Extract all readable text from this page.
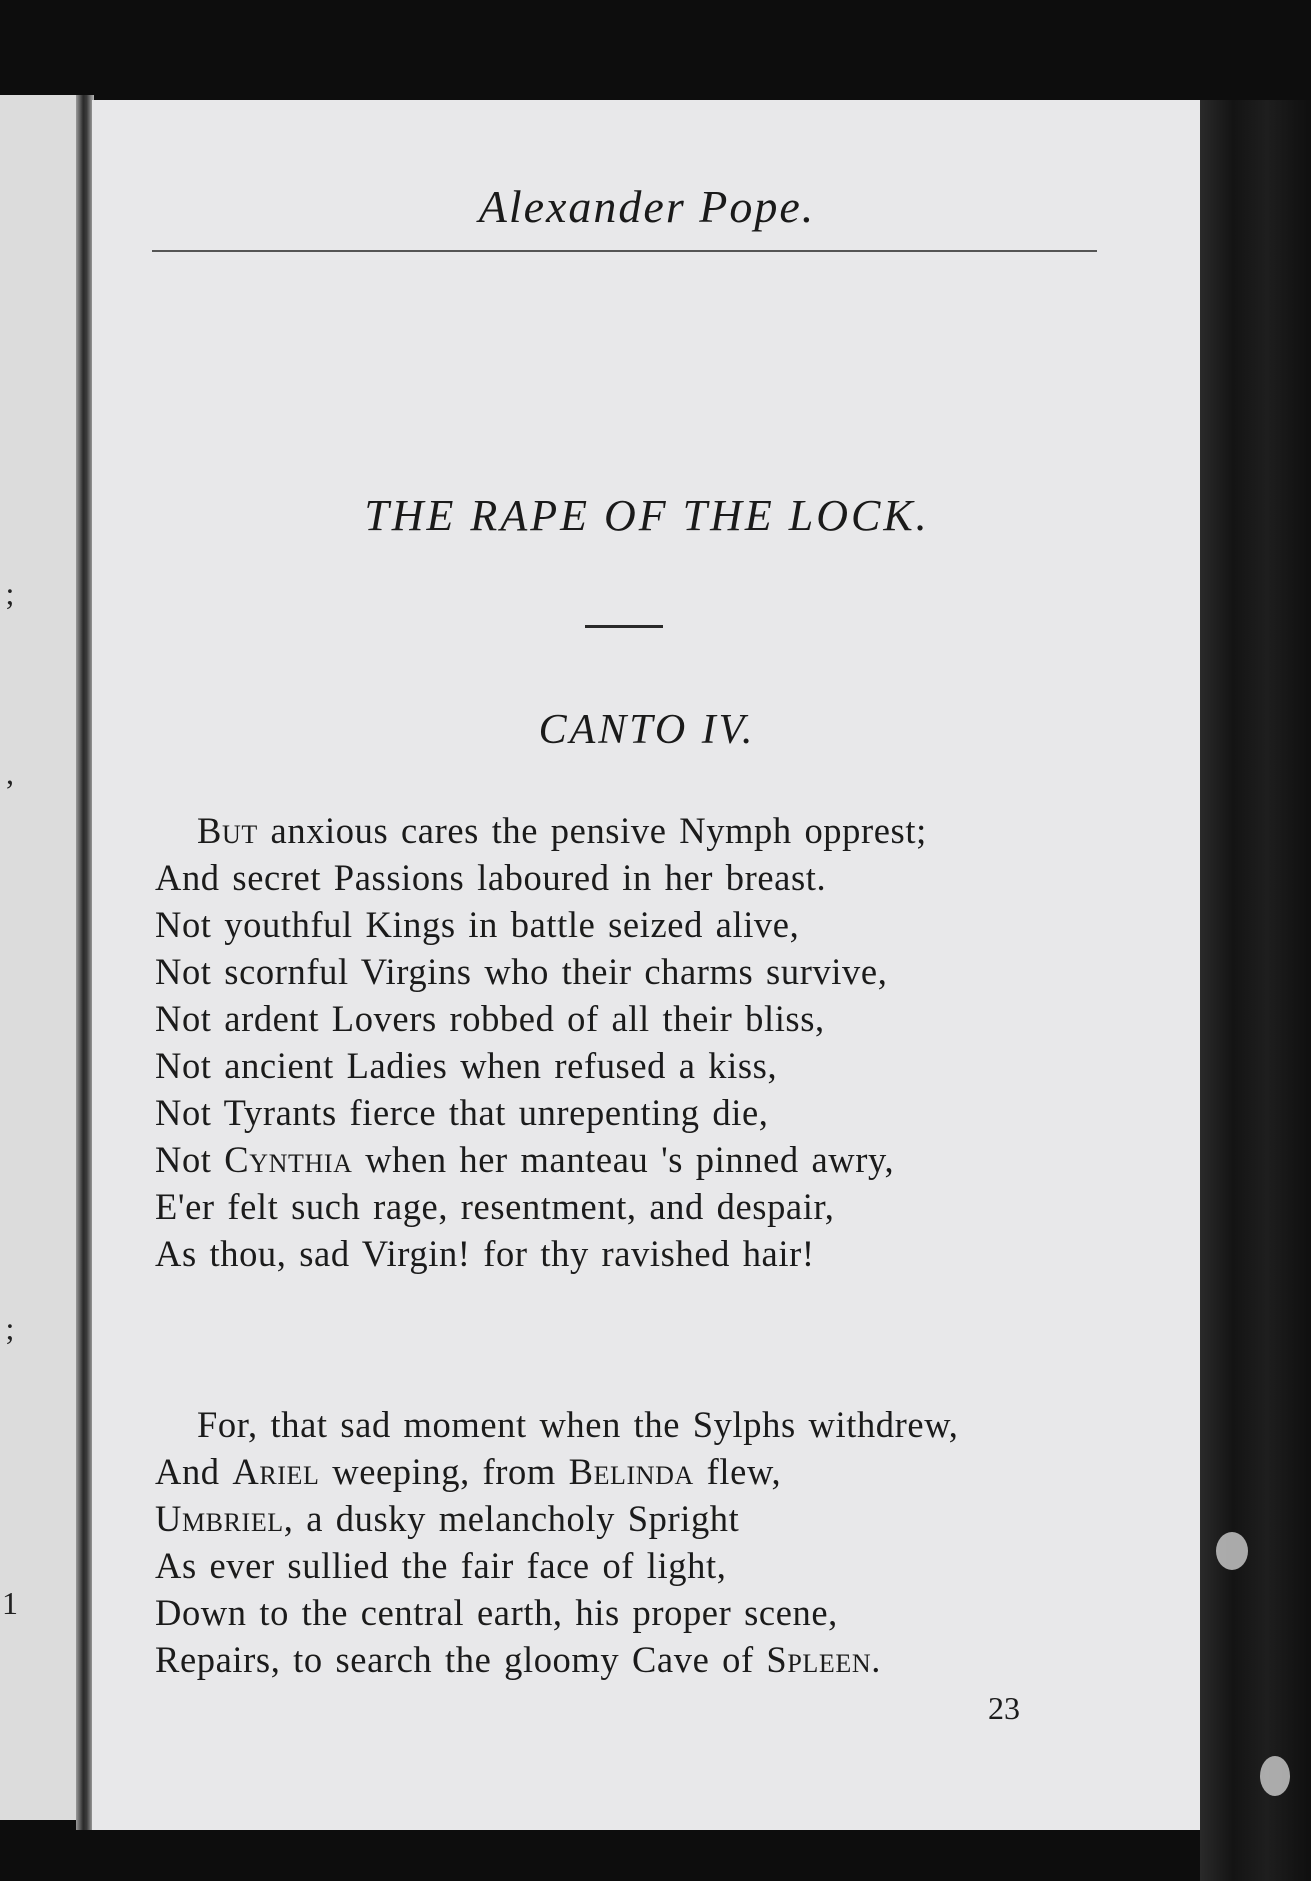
;
,
;
1
Alexander Pope.
THE RAPE OF THE LOCK.
CANTO IV.
But anxious cares the pensive Nymph opprest;
And secret Passions laboured in her breast.
Not youthful Kings in battle seized alive,
Not scornful Virgins who their charms survive,
Not ardent Lovers robbed of all their bliss,
Not ancient Ladies when refused a kiss,
Not Tyrants fierce that unrepenting die,
Not Cynthia when her manteau 's pinned awry,
E'er felt such rage, resentment, and despair,
As thou, sad Virgin! for thy ravished hair!
For, that sad moment when the Sylphs withdrew,
And Ariel weeping, from Belinda flew,
Umbriel, a dusky melancholy Spright
As ever sullied the fair face of light,
Down to the central earth, his proper scene,
Repairs, to search the gloomy Cave of Spleen.
23
